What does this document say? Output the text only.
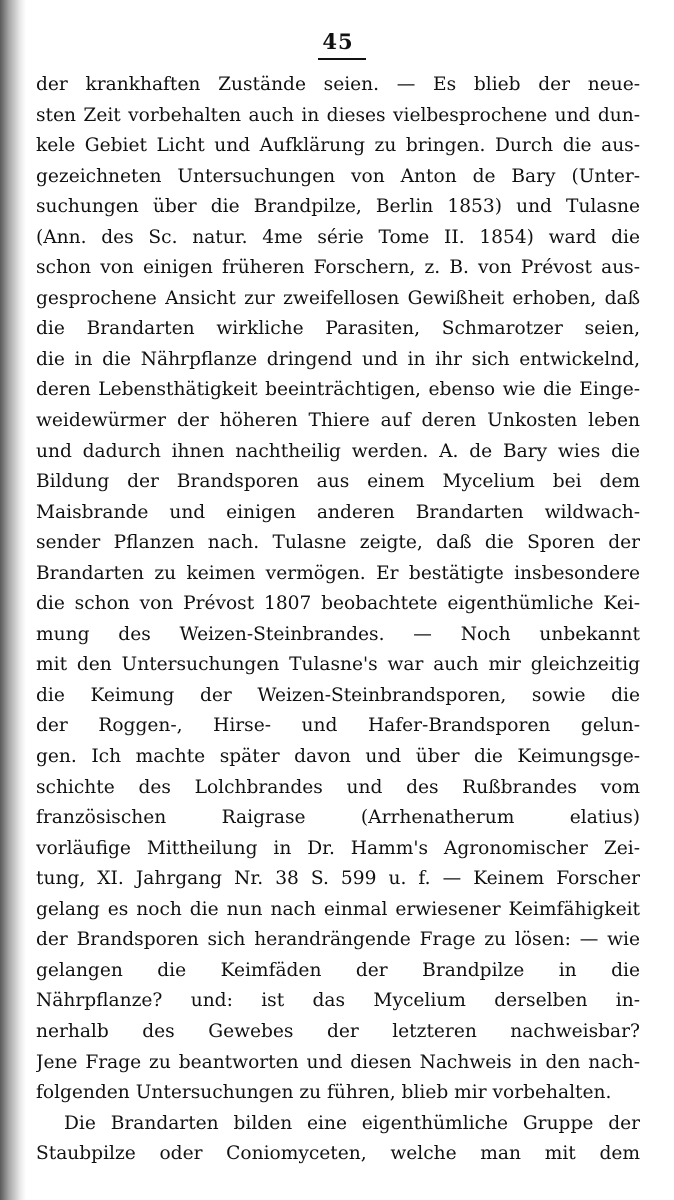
45
der krankhaften Zustände seien. — Es blieb der neue-
sten Zeit vorbehalten auch in dieses vielbesprochene und dun-
kele Gebiet Licht und Aufklärung zu bringen. Durch die aus-
gezeichneten Untersuchungen von Anton de Bary (Unter-
suchungen über die Brandpilze, Berlin 1853) und Tulasne
(Ann. des Sc. natur. 4me série Tome II. 1854) ward die
schon von einigen früheren Forschern, z. B. von Prévost aus-
gesprochene Ansicht zur zweifellosen Gewißheit erhoben, daß
die Brandarten wirkliche Parasiten, Schmarotzer seien,
die in die Nährpflanze dringend und in ihr sich entwickelnd,
deren Lebensthätigkeit beeinträchtigen, ebenso wie die Einge-
weidewürmer der höheren Thiere auf deren Unkosten leben
und dadurch ihnen nachtheilig werden. A. de Bary wies die
Bildung der Brandsporen aus einem Mycelium bei dem
Maisbrande und einigen anderen Brandarten wildwach-
sender Pflanzen nach. Tulasne zeigte, daß die Sporen der
Brandarten zu keimen vermögen. Er bestätigte insbesondere
die schon von Prévost 1807 beobachtete eigenthümliche Kei-
mung des Weizen-Steinbrandes. — Noch unbekannt
mit den Untersuchungen Tulasne's war auch mir gleichzeitig
die Keimung der Weizen-Steinbrandsporen, sowie die
der Roggen-, Hirse- und Hafer-Brandsporen gelun-
gen. Ich machte später davon und über die Keimungsge-
schichte des Lolchbrandes und des Rußbrandes vom
französischen Raigrase (Arrhenatherum elatius)
vorläufige Mittheilung in Dr. Hamm's Agronomischer Zei-
tung, XI. Jahrgang Nr. 38 S. 599 u. f. — Keinem Forscher
gelang es noch die nun nach einmal erwiesener Keimfähigkeit
der Brandsporen sich herandrängende Frage zu lösen: — wie
gelangen die Keimfäden der Brandpilze in die
Nährpflanze? und: ist das Mycelium derselben in-
nerhalb des Gewebes der letzteren nachweisbar?
Jene Frage zu beantworten und diesen Nachweis in den nach-
folgenden Untersuchungen zu führen, blieb mir vorbehalten.
Die Brandarten bilden eine eigenthümliche Gruppe der
Staubpilze oder Coniomyceten, welche man mit dem
